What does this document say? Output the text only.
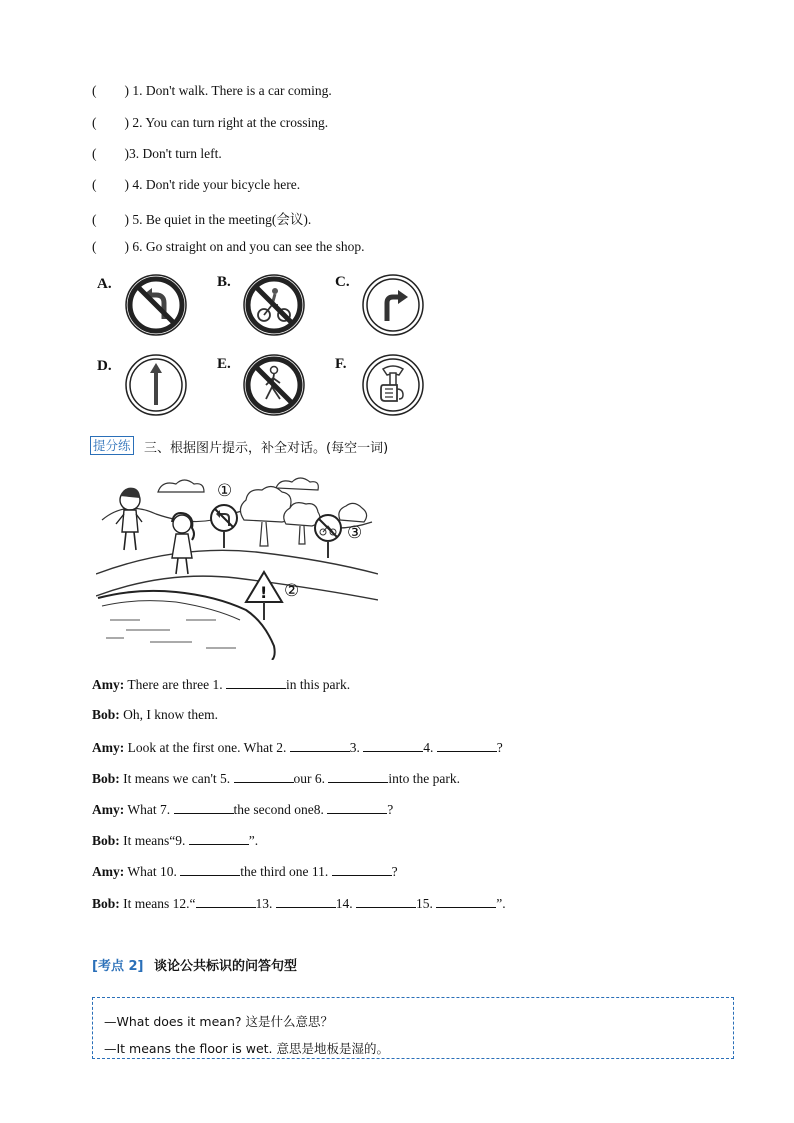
( ) 1. Don't walk. There is a car coming.
( ) 2. You can turn right at the crossing.
( )3. Don't turn left.
( ) 4. Don't ride your bicycle here.
( ) 5. Be quiet in the meeting(会议).
( ) 6. Go straight on and you can see the shop.
A.	B.	C.
D.	E.	F.
提分练 三、根据图片提示，补全对话。(每空一词)
①
③
! ②
Amy: There are three 1.	in this park.
Bob: Oh, I know them.
Amy: Look at the first one. What 2.	3.	4.	?
Bob: It means we can't 5.	our 6.	into the park.
Amy: What 7.	the second one8.	?
Bob: It means“9.	”.
Amy: What 10.	the third one 11.	?
Bob: It means 12.“	13.	14.	15.	”.
[考点 2] 谈论公共标识的问答句型
—What does it mean? 这是什么意思？
—It means the floor is wet. 意思是地板是湿的。
